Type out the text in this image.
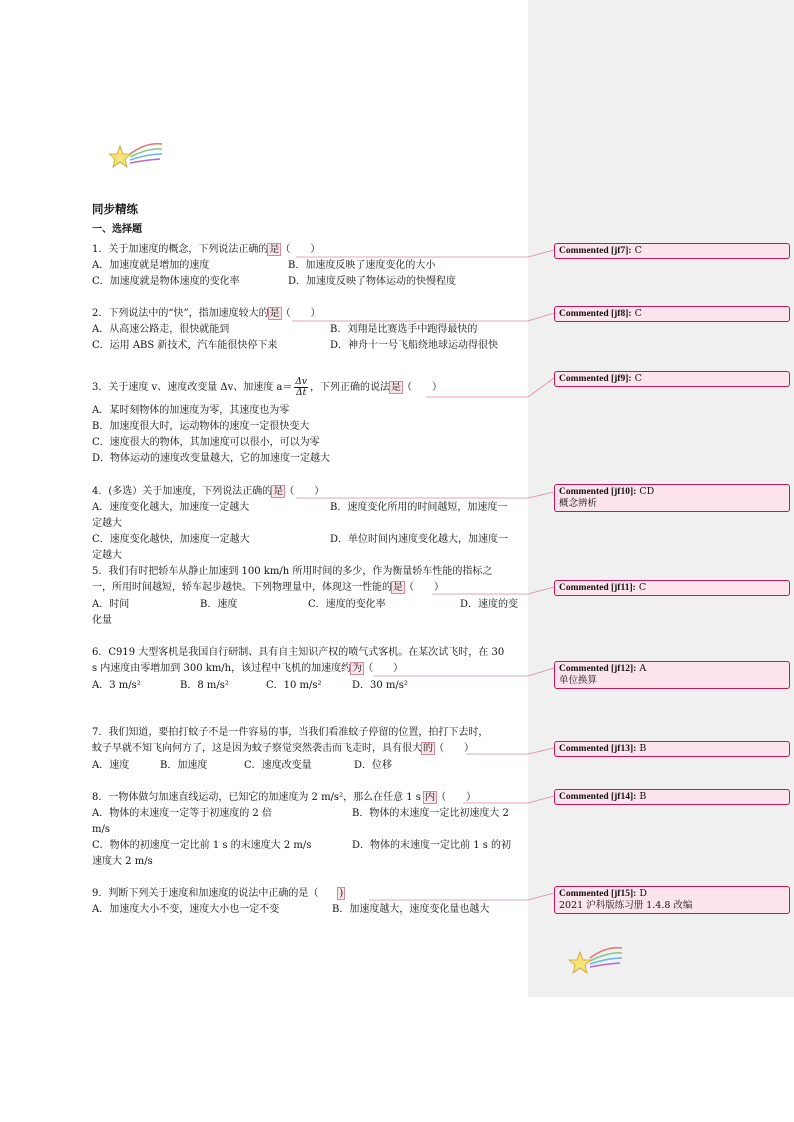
同步精练
一、选择题
1．关于加速度的概念，下列说法正确的是（　　）
A．加速度就是增加的速度	B．加速度反映了速度变化的大小
C．加速度就是物体速度的变化率	D．加速度反映了物体运动的快慢程度
2．下列说法中的“快”，指加速度较大的是（　　）
A．从高速公路走，很快就能到	B．刘翔是比赛选手中跑得最快的
C．运用 ABS 新技术，汽车能很快停下来	D．神舟十一号飞船绕地球运动得很快
3．关于速度 v、速度改变量 Δv、加速度 $a= \frac{\Delta v}{\Delta t}$ ，下列正确的说法是（　　）
A．某时刻物体的加速度为零，其速度也为零
B．加速度很大时，运动物体的速度一定很快变大
C．速度很大的物体，其加速度可以很小，可以为零
D．物体运动的速度改变量越大，它的加速度一定越大
4．(多选）关于加速度，下列说法正确的是（　　）
A．速度变化越大，加速度一定越大	B．速度变化所用的时间越短，加速度一
定越大
C．速度变化越快，加速度一定越大	D．单位时间内速度变化越大，加速度一
定越大
5．我们有时把轿车从静止加速到 100 km/h 所用时间的多少，作为衡量轿车性能的指标之
一，所用时间越短，轿车起步越快。下列物理量中，体现这一性能的是（　　）
A．时间	B．速度	C．速度的变化率	D．速度的变
化量
6．C919 大型客机是我国自行研制、具有自主知识产权的喷气式客机。在某次试飞时，在 30
s 内速度由零增加到 300 km/h，该过程中飞机的加速度约为（　　）
A．3 m/s²	B．8 m/s²	C．10 m/s²	D．30 m/s²
7．我们知道，要拍打蚊子不是一件容易的事，当我们看准蚊子停留的位置，拍打下去时，
蚊子早就不知飞向何方了，这是因为蚊子察觉突然袭击而飞走时，具有很大的（　　）
A．速度	B．加速度	C．速度改变量	D．位移
8．一物体做匀加速直线运动，已知它的加速度为 2 m/s²，那么在任意 1 s 内（　　）
A．物体的末速度一定等于初速度的 2 倍	B．物体的末速度一定比初速度大 2
m/s
C．物体的初速度一定比前 1 s 的末速度大 2 m/s	D．物体的末速度一定比前 1 s 的初
速度大 2 m/s
9．判断下列关于速度和加速度的说法中正确的是（　　)
A．加速度大小不变，速度大小也一定不变	B．加速度越大，速度变化量也越大
Commented [jf7]: C
Commented [jf8]: C
Commented [jf9]: C
Commented [jf10]: CD
概念辨析
Commented [jf11]: C
Commented [jf12]: A
单位换算
Commented [jf13]: B
Commented [jf14]: B
Commented [jf15]: D
2021 沪科版练习册 1.4.8 改编
